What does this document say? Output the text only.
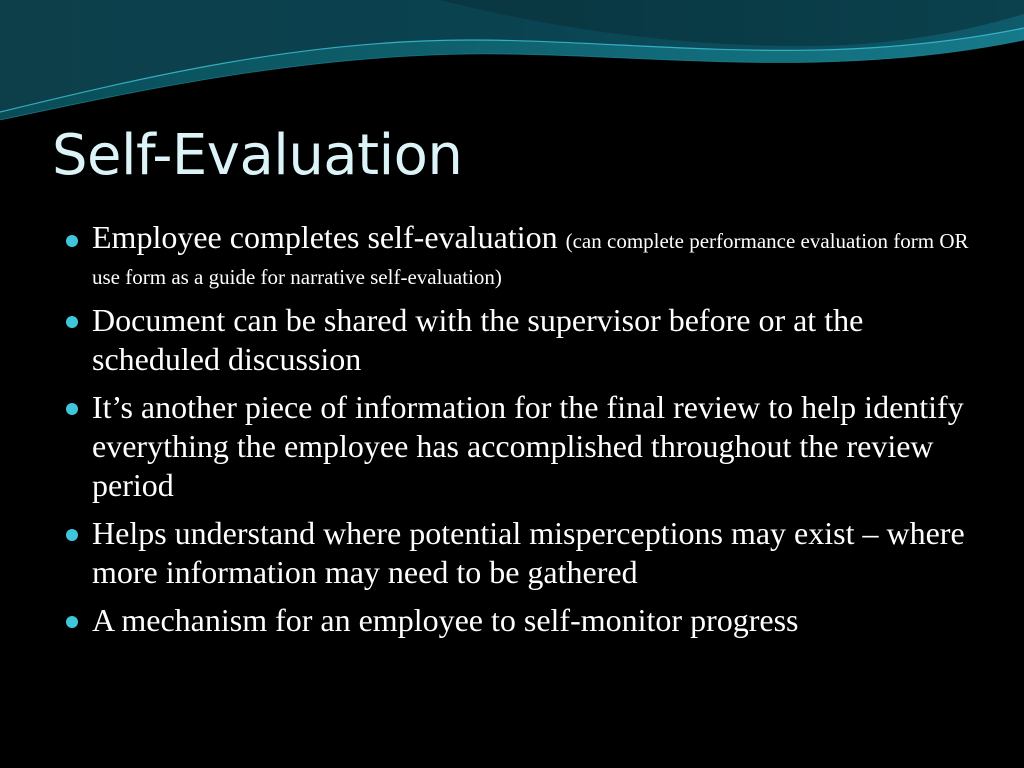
Self-Evaluation
Employee completes self-evaluation (can complete performance evaluation form OR use form as a guide for narrative self-evaluation)
Document can be shared with the supervisor before or at the scheduled discussion
It’s another piece of information for the final review to help identify everything the employee has accomplished throughout the review period
Helps understand where potential misperceptions may exist – where more information may need to be gathered
A mechanism for an employee to self-monitor progress
